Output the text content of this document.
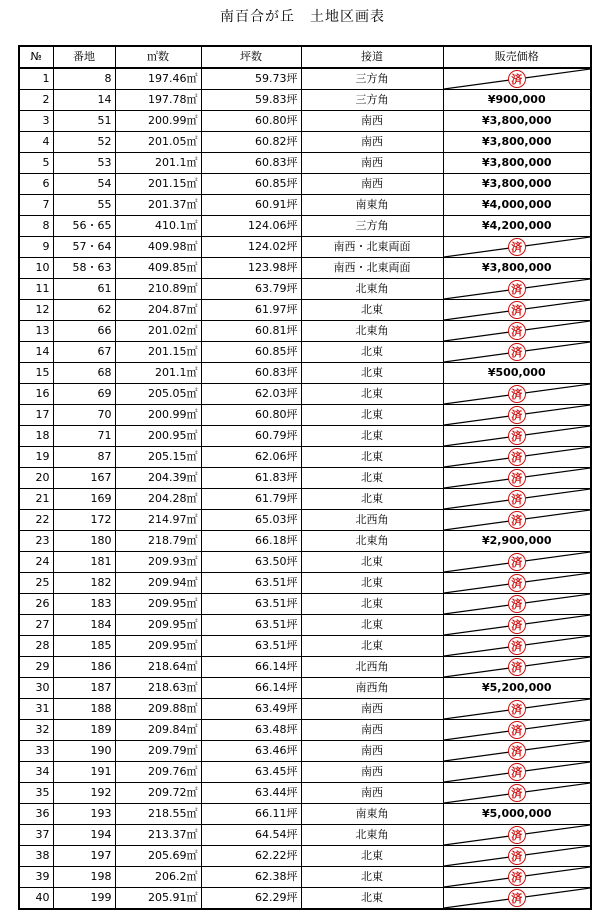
南百合が丘　土地区画表
№	番地	㎡数	坪数	接道	販売価格
1	8	197.46㎡	59.73坪	三方角	済

2	14	197.78㎡	59.83坪	三方角	¥900,000
3	51	200.99㎡	60.80坪	南西	¥3,800,000
4	52	201.05㎡	60.82坪	南西	¥3,800,000
5	53	201.1㎡	60.83坪	南西	¥3,800,000
6	54	201.15㎡	60.85坪	南西	¥3,800,000
7	55	201.37㎡	60.91坪	南東角	¥4,000,000
8	56・65	410.1㎡	124.06坪	三方角	¥4,200,000
9	57・64	409.98㎡	124.02坪	南西・北東両面	済

10	58・63	409.85㎡	123.98坪	南西・北東両面	¥3,800,000
11	61	210.89㎡	63.79坪	北東角	済

12	62	204.87㎡	61.97坪	北東	済

13	66	201.02㎡	60.81坪	北東角	済

14	67	201.15㎡	60.85坪	北東	済

15	68	201.1㎡	60.83坪	北東	¥500,000
16	69	205.05㎡	62.03坪	北東	済

17	70	200.99㎡	60.80坪	北東	済

18	71	200.95㎡	60.79坪	北東	済

19	87	205.15㎡	62.06坪	北東	済

20	167	204.39㎡	61.83坪	北東	済

21	169	204.28㎡	61.79坪	北東	済

22	172	214.97㎡	65.03坪	北西角	済

23	180	218.79㎡	66.18坪	北東角	¥2,900,000
24	181	209.93㎡	63.50坪	北東	済

25	182	209.94㎡	63.51坪	北東	済

26	183	209.95㎡	63.51坪	北東	済

27	184	209.95㎡	63.51坪	北東	済

28	185	209.95㎡	63.51坪	北東	済

29	186	218.64㎡	66.14坪	北西角	済

30	187	218.63㎡	66.14坪	南西角	¥5,200,000
31	188	209.88㎡	63.49坪	南西	済

32	189	209.84㎡	63.48坪	南西	済

33	190	209.79㎡	63.46坪	南西	済

34	191	209.76㎡	63.45坪	南西	済

35	192	209.72㎡	63.44坪	南西	済

36	193	218.55㎡	66.11坪	南東角	¥5,000,000
37	194	213.37㎡	64.54坪	北東角	済

38	197	205.69㎡	62.22坪	北東	済

39	198	206.2㎡	62.38坪	北東	済

40	199	205.91㎡	62.29坪	北東	済
